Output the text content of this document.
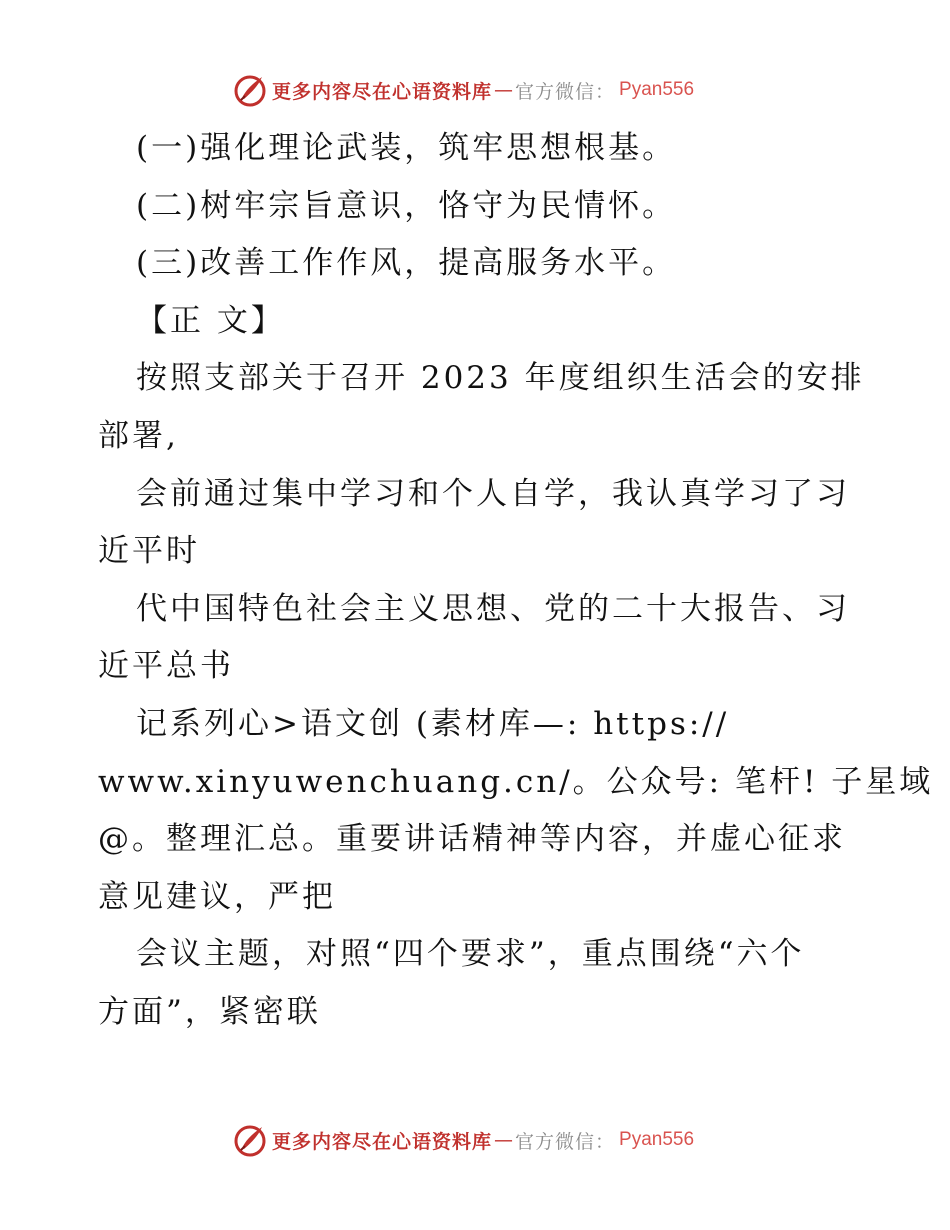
更多内容尽在心语资料库 — 官方微信： Pyan556
(一)强化理论武装，筑牢思想根基。
(二)树牢宗旨意识，恪守为民情怀。
(三)改善工作作风，提高服务水平。
【正 文】
按照支部关于召开 2023 年度组织生活会的安排
部署,
会前通过集中学习和个人自学，我认真学习了习
近平时
代中国特色社会主义思想、党的二十大报告、习
近平总书
记系列心>语文创 (素材库—: https://
www.xinyuwenchuang.cn/。公众号: 笔杆! 子星域
@。整理汇总。重要讲话精神等内容，并虚心征求
意见建议，严把
会议主题，对照“四个要求”，重点围绕“六个
方面”，紧密联
更多内容尽在心语资料库 — 官方微信： Pyan556
